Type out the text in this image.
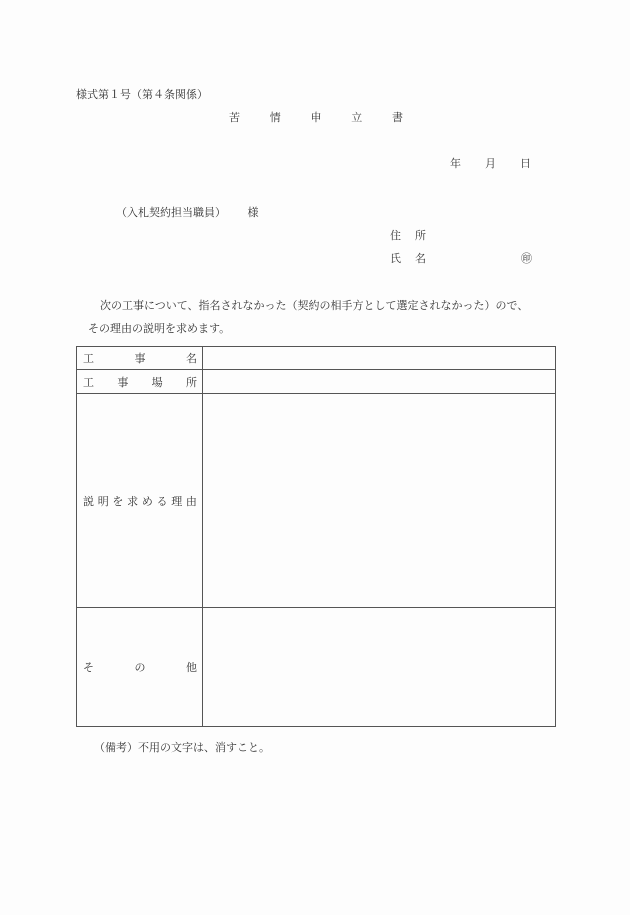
様式第１号（第４条関係）
苦	情	申	立	書
年 月 日
（入札契約担当職員） 様
住 所
氏 名	㊞
次の工事について、指名されなかった（契約の相手方として選定されなかった）ので、
その理由の説明を求めます。
工 事 名	

工 事 場 所	

説 明 を 求 め る 理 由

そ の 他	

（備考）不用の文字は、消すこと。
